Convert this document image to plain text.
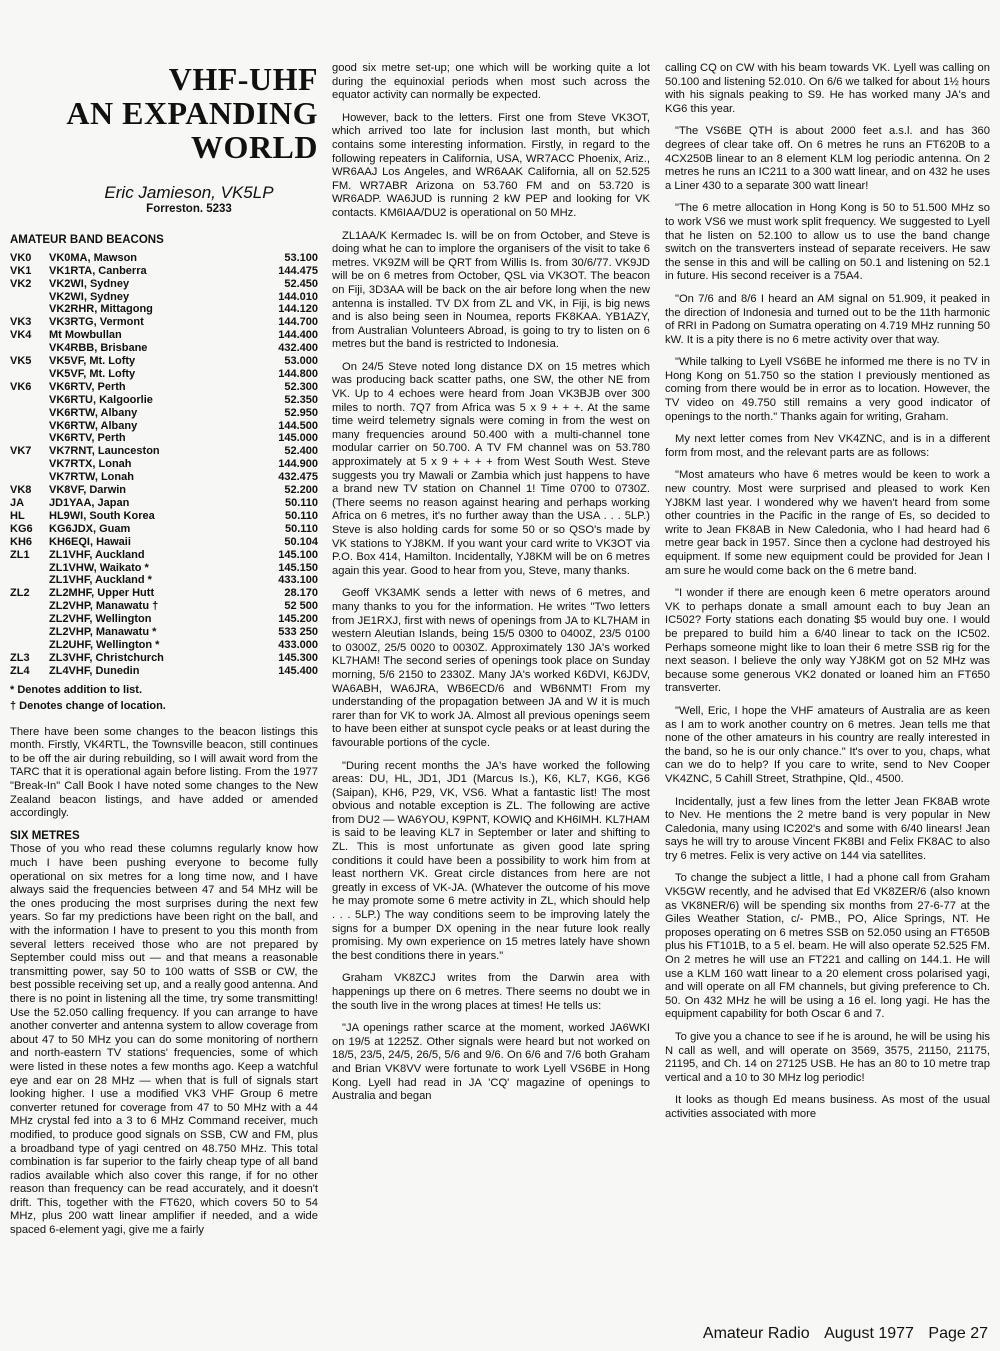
VHF-UHF
AN EXPANDING
WORLD
Eric Jamieson, VK5LP
Forreston. 5233
AMATEUR BAND BEACONS
VK0	VK0MA, Mawson	53.100
VK1	VK1RTA, Canberra	144.475
VK2	VK2WI, Sydney	52.450
VK2WI, Sydney	144.010
VK2RHR, Mittagong	144.120
VK3	VK3RTG, Vermont	144.700
VK4	Mt Mowbullan	144.400
VK4RBB, Brisbane	432.400
VK5	VK5VF, Mt. Lofty	53.000
VK5VF, Mt. Lofty	144.800
VK6	VK6RTV, Perth	52.300
VK6RTU, Kalgoorlie	52.350
VK6RTW, Albany	52.950
VK6RTW, Albany	144.500
VK6RTV, Perth	145.000
VK7	VK7RNT, Launceston	52.400
VK7RTX, Lonah	144.900
VK7RTW, Lonah	432.475
VK8	VK8VF, Darwin	52.200
JA	JD1YAA, Japan	50.110
HL	HL9WI, South Korea	50.110
KG6	KG6JDX, Guam	50.110
KH6	KH6EQI, Hawaii	50.104
ZL1	ZL1VHF, Auckland	145.100
ZL1VHW, Waikato *	145.150
ZL1VHF, Auckland *	433.100
ZL2	ZL2MHF, Upper Hutt	28.170
ZL2VHP, Manawatu †	52 500
ZL2VHF, Wellington	145.200
ZL2VHP, Manawatu *	533 250
ZL2UHF, Wellington *	433.000
ZL3	ZL3VHF, Christchurch	145.300
ZL4	ZL4VHF, Dunedin	145.400
* Denotes addition to list.
† Denotes change of location.

There have been some changes to the beacon listings this month. Firstly, VK4RTL, the Townsville beacon, still continues to be off the air during rebuilding, so I will await word from the TARC that it is operational again before listing. From the 1977 "Break-In" Call Book I have noted some changes to the New Zealand beacon listings, and have added or amended accordingly.

SIX METRES

Those of you who read these columns regularly know how much I have been pushing everyone to become fully operational on six metres for a long time now, and I have always said the frequencies between 47 and 54 MHz will be the ones producing the most surprises during the next few years. So far my predictions have been right on the ball, and with the information I have to present to you this month from several letters received those who are not prepared by September could miss out — and that means a reasonable transmitting power, say 50 to 100 watts of SSB or CW, the best possible receiving set up, and a really good antenna. And there is no point in listening all the time, try some transmitting! Use the 52.050 calling frequency. If you can arrange to have another converter and antenna system to allow coverage from about 47 to 50 MHz you can do some monitoring of northern and north-eastern TV stations' frequencies, some of which were listed in these notes a few months ago. Keep a watchful eye and ear on 28 MHz — when that is full of signals start looking higher. I use a modified VK3 VHF Group 6 metre converter retuned for coverage from 47 to 50 MHz with a 44 MHz crystal fed into a 3 to 6 MHz Command receiver, much modified, to produce good signals on SSB, CW and FM, plus a broadband type of yagi centred on 48.750 MHz. This total combination is far superior to the fairly cheap type of all band radios available which also cover this range, if for no other reason than frequency can be read accurately, and it doesn't drift. This, together with the FT620, which covers 50 to 54 MHz, plus 200 watt linear amplifier if needed, and a wide spaced 6-element yagi, give me a fairly

good six metre set-up; one which will be working quite a lot during the equinoxial periods when most such across the equator activity can normally be expected.

However, back to the letters. First one from Steve VK3OT, which arrived too late for inclusion last month, but which contains some interesting information. Firstly, in regard to the following repeaters in California, USA, WR7ACC Phoenix, Ariz., WR6AAJ Los Angeles, and WR6AAK California, all on 52.525 FM. WR7ABR Arizona on 53.760 FM and on 53.720 is WR6ADP. WA6JUD is running 2 kW PEP and looking for VK contacts. KM6IAA/DU2 is operational on 50 MHz.

ZL1AA/K Kermadec Is. will be on from October, and Steve is doing what he can to implore the organisers of the visit to take 6 metres. VK9ZM will be QRT from Willis Is. from 30/6/77. VK9JD will be on 6 metres from October, QSL via VK3OT. The beacon on Fiji, 3D3AA will be back on the air before long when the new antenna is installed. TV DX from ZL and VK, in Fiji, is big news and is also being seen in Noumea, reports FK8KAA. YB1AZY, from Australian Volunteers Abroad, is going to try to listen on 6 metres but the band is restricted to Indonesia.

On 24/5 Steve noted long distance DX on 15 metres which was producing back scatter paths, one SW, the other NE from VK. Up to 4 echoes were heard from Joan VK3BJB over 300 miles to north. 7Q7 from Africa was 5 x 9 + + +. At the same time weird telemetry signals were coming in from the west on many frequencies around 50.400 with a multi-channel tone modular carrier on 50.700. A TV FM channel was on 53.780 approximately at 5 x 9 + + + + from West South West. Steve suggests you try Mawali or Zambia which just happens to have a brand new TV station on Channel 1! Time 0700 to 0730Z. (There seems no reason against hearing and perhaps working Africa on 6 metres, it's no further away than the USA . . . 5LP.) Steve is also holding cards for some 50 or so QSO's made by VK stations to YJ8KM. If you want your card write to VK3OT via P.O. Box 414, Hamilton. Incidentally, YJ8KM will be on 6 metres again this year. Good to hear from you, Steve, many thanks.

Geoff VK3AMK sends a letter with news of 6 metres, and many thanks to you for the information. He writes "Two letters from JE1RXJ, first with news of openings from JA to KL7HAM in western Aleutian Islands, being 15/5 0300 to 0400Z, 23/5 0100 to 0300Z, 25/5 0020 to 0030Z. Approximately 130 JA's worked KL7HAM! The second series of openings took place on Sunday morning, 5/6 2150 to 2330Z. Many JA's worked K6DVI, K6JDV, WA6ABH, WA6JRA, WB6ECD/6 and WB6NMT! From my understanding of the propagation between JA and W it is much rarer than for VK to work JA. Almost all previous openings seem to have been either at sunspot cycle peaks or at least during the favourable portions of the cycle.

"During recent months the JA's have worked the following areas: DU, HL, JD1, JD1 (Marcus Is.), K6, KL7, KG6, KG6 (Saipan), KH6, P29, VK, VS6. What a fantastic list! The most obvious and notable exception is ZL. The following are active from DU2 — WA6YOU, K9PNT, KOWIQ and KH6IMH. KL7HAM is said to be leaving KL7 in September or later and shifting to ZL. This is most unfortunate as given good late spring conditions it could have been a possibility to work him from at least northern VK. Great circle distances from here are not greatly in excess of VK-JA. (Whatever the outcome of his move he may promote some 6 metre activity in ZL, which should help . . . 5LP.) The way conditions seem to be improving lately the signs for a bumper DX opening in the near future look really promising. My own experience on 15 metres lately have shown the best conditions there in years."

Graham VK8ZCJ writes from the Darwin area with happenings up there on 6 metres. There seems no doubt we in the south live in the wrong places at times! He tells us:

"JA openings rather scarce at the moment, worked JA6WKI on 19/5 at 1225Z. Other signals were heard but not worked on 18/5, 23/5, 24/5, 26/5, 5/6 and 9/6. On 6/6 and 7/6 both Graham and Brian VK8VV were fortunate to work Lyell VS6BE in Hong Kong. Lyell had read in JA 'CQ' magazine of openings to Australia and began

calling CQ on CW with his beam towards VK. Lyell was calling on 50.100 and listening 52.010. On 6/6 we talked for about 1½ hours with his signals peaking to S9. He has worked many JA's and KG6 this year.

"The VS6BE QTH is about 2000 feet a.s.l. and has 360 degrees of clear take off. On 6 metres he runs an FT620B to a 4CX250B linear to an 8 element KLM log periodic antenna. On 2 metres he runs an IC211 to a 300 watt linear, and on 432 he uses a Liner 430 to a separate 300 watt linear!

"The 6 metre allocation in Hong Kong is 50 to 51.500 MHz so to work VS6 we must work split frequency. We suggested to Lyell that he listen on 52.100 to allow us to use the band change switch on the transverters instead of separate receivers. He saw the sense in this and will be calling on 50.1 and listening on 52.1 in future. His second receiver is a 75A4.

"On 7/6 and 8/6 I heard an AM signal on 51.909, it peaked in the direction of Indonesia and turned out to be the 11th harmonic of RRI in Padong on Sumatra operating on 4.719 MHz running 50 kW. It is a pity there is no 6 metre activity over that way.

"While talking to Lyell VS6BE he informed me there is no TV in Hong Kong on 51.750 so the station I previously mentioned as coming from there would be in error as to location. However, the TV video on 49.750 still remains a very good indicator of openings to the north." Thanks again for writing, Graham.

My next letter comes from Nev VK4ZNC, and is in a different form from most, and the relevant parts are as follows:

"Most amateurs who have 6 metres would be keen to work a new country. Most were surprised and pleased to work Ken YJ8KM last year. I wondered why we haven't heard from some other countries in the Pacific in the range of Es, so decided to write to Jean FK8AB in New Caledonia, who I had heard had 6 metre gear back in 1957. Since then a cyclone had destroyed his equipment. If some new equipment could be provided for Jean I am sure he would come back on the 6 metre band.

"I wonder if there are enough keen 6 metre operators around VK to perhaps donate a small amount each to buy Jean an IC502? Forty stations each donating $5 would buy one. I would be prepared to build him a 6/40 linear to tack on the IC502. Perhaps someone might like to loan their 6 metre SSB rig for the next season. I believe the only way YJ8KM got on 52 MHz was because some generous VK2 donated or loaned him an FT650 transverter.

"Well, Eric, I hope the VHF amateurs of Australia are as keen as I am to work another country on 6 metres. Jean tells me that none of the other amateurs in his country are really interested in the band, so he is our only chance." It's over to you, chaps, what can we do to help? If you care to write, send to Nev Cooper VK4ZNC, 5 Cahill Street, Strathpine, Qld., 4500.

Incidentally, just a few lines from the letter Jean FK8AB wrote to Nev. He mentions the 2 metre band is very popular in New Caledonia, many using IC202's and some with 6/40 linears! Jean says he will try to arouse Vincent FK8BI and Felix FK8AC to also try 6 metres. Felix is very active on 144 via satellites.

To change the subject a little, I had a phone call from Graham VK5GW recently, and he advised that Ed VK8ZER/6 (also known as VK8NER/6) will be spending six months from 27-6-77 at the Giles Weather Station, c/- PMB., PO, Alice Springs, NT. He proposes operating on 6 metres SSB on 52.050 using an FT650B plus his FT101B, to a 5 el. beam. He will also operate 52.525 FM. On 2 metres he will use an FT221 and calling on 144.1. He will use a KLM 160 watt linear to a 20 element cross polarised yagi, and will operate on all FM channels, but giving preference to Ch. 50. On 432 MHz he will be using a 16 el. long yagi. He has the equipment capability for both Oscar 6 and 7.

To give you a chance to see if he is around, he will be using his N call as well, and will operate on 3569, 3575, 21150, 21175, 21195, and Ch. 14 on 27125 USB. He has an 80 to 10 metre trap vertical and a 10 to 30 MHz log periodic!

It looks as though Ed means business. As most of the usual activities associated with more

Amateur Radio August 1977 Page 27
